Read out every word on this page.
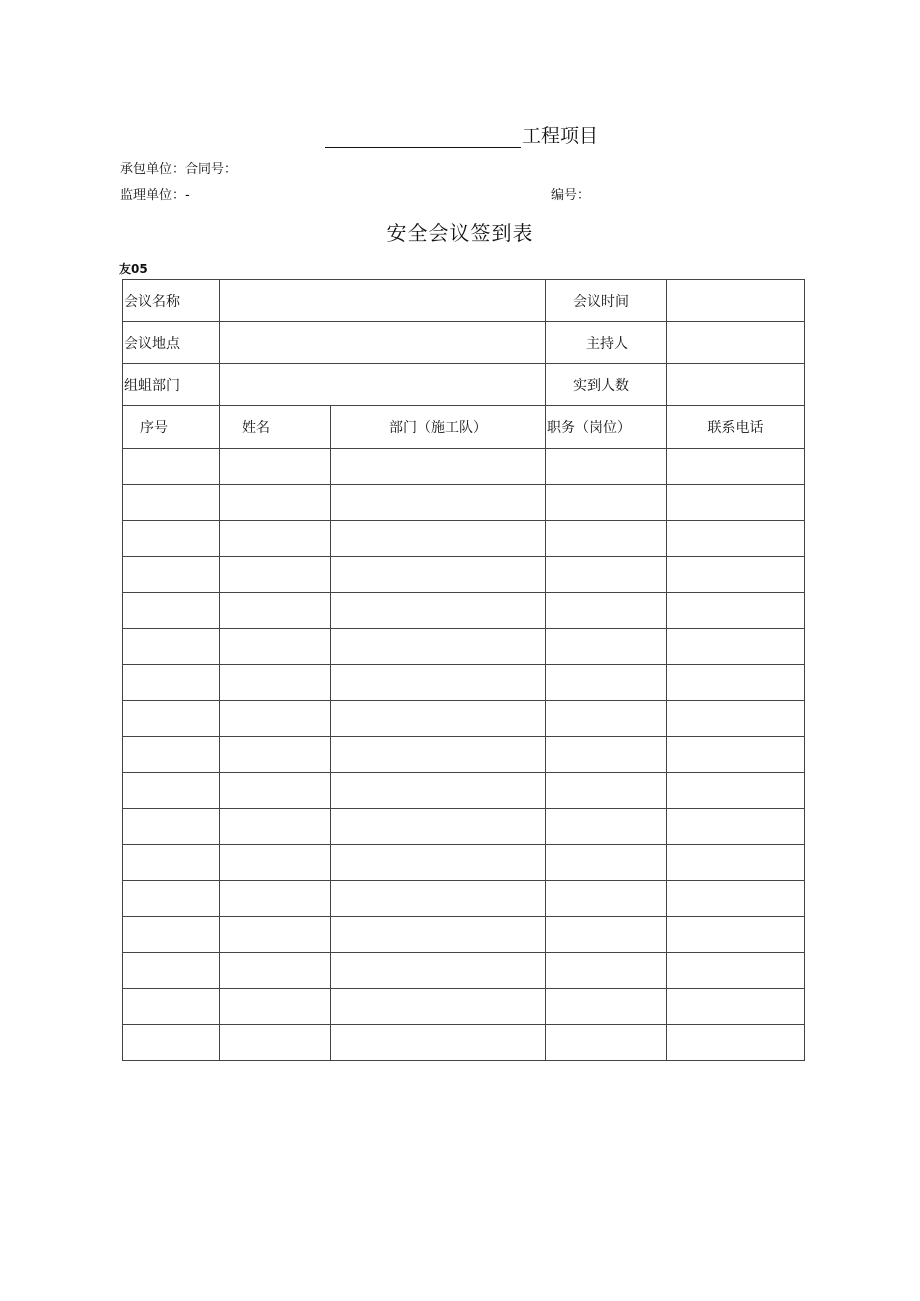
工程项目
承包单位：合同号：
监理单位：-	编号：
安全会议签到表
友05
会议名称			会议时间	
会议地点			主持人	
组蛆部门			实到人数	
序号	姓名	部门（施工队）	职务（岗位）	联系电话
